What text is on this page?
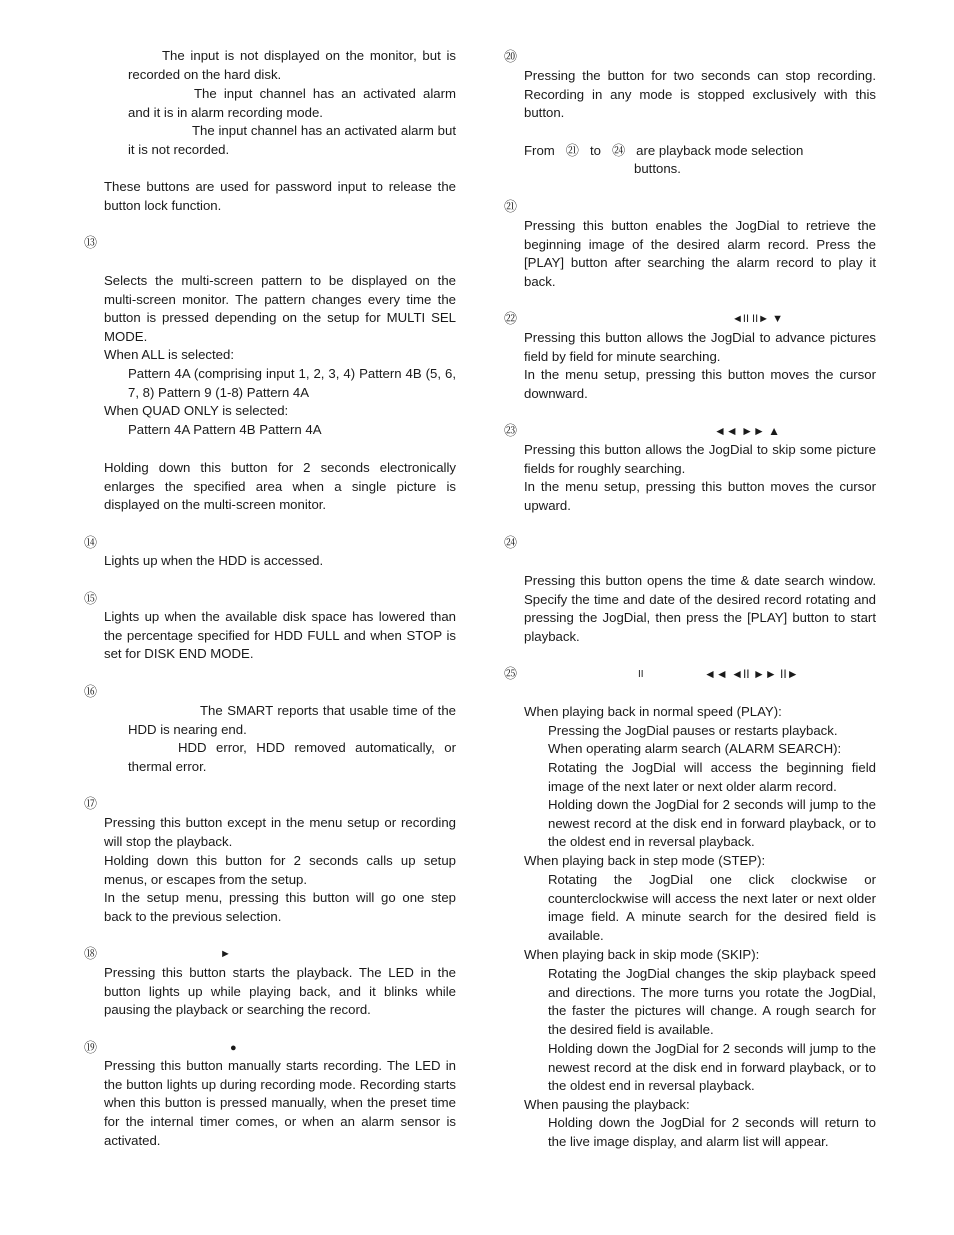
The input is not displayed on the monitor, but is recorded on the hard disk.
The input channel has an activated alarm and it is in alarm recording mode.
The input channel has an activated alarm but it is not recorded.
These buttons are used for password input to release the button lock function.
⑬
Selects the multi-screen pattern to be displayed on the multi-screen monitor. The pattern changes every time the button is pressed depending on the setup for MULTI SEL MODE.
When ALL is selected:
Pattern 4A (comprising input 1, 2, 3, 4) Pattern 4B (5, 6, 7, 8) Pattern 9 (1-8) Pattern 4A
When QUAD ONLY is selected:
Pattern 4A Pattern 4B Pattern 4A
Holding down this button for 2 seconds electronically enlarges the specified area when a single picture is displayed on the multi-screen monitor.
⑭
Lights up when the HDD is accessed.
⑮
Lights up when the available disk space has lowered than the percentage specified for HDD FULL and when STOP is set for DISK END MODE.
⑯
The SMART reports that usable time of the HDD is nearing end.
HDD error, HDD removed automatically, or thermal error.
⑰
Pressing this button except in the menu setup or recording will stop the playback.
Holding down this button for 2 seconds calls up setup menus, or escapes from the setup.
In the setup menu, pressing this button will go one step back to the previous selection.
⑱	►
Pressing this button starts the playback. The LED in the button lights up while playing back, and it blinks while pausing the playback or searching the record.
⑲	●
Pressing this button manually starts recording. The LED in the button lights up during recording mode. Recording starts when this button is pressed manually, when the preset time for the internal timer comes, or when an alarm sensor is activated.
⑳
Pressing the button for two seconds can stop recording. Recording in any mode is stopped exclusively with this button.
From ㉑ to ㉔ are playback mode selection
buttons.
㉑
Pressing this button enables the JogDial to retrieve the beginning image of the desired alarm record. Press the [PLAY] button after searching the alarm record to play it back.
㉒	◄II II► ▼
Pressing this button allows the JogDial to advance pictures field by field for minute searching.
In the menu setup, pressing this button moves the cursor downward.
㉓	◄◄ ►► ▲
Pressing this button allows the JogDial to skip some picture fields for roughly searching.
In the menu setup, pressing this button moves the cursor upward.
㉔
Pressing this button opens the time & date search window. Specify the time and date of the desired record rotating and pressing the JogDial, then press the [PLAY] button to start playback.
㉕	II	◄◄ ◄II ►► II►
When playing back in normal speed (PLAY):
Pressing the JogDial pauses or restarts playback.
When operating alarm search (ALARM SEARCH):
Rotating the JogDial will access the beginning field image of the next later or next older alarm record.
Holding down the JogDial for 2 seconds will jump to the newest record at the disk end in forward playback, or to the oldest end in reversal playback.
When playing back in step mode (STEP):
Rotating the JogDial one click clockwise or counterclockwise will access the next later or next older image field. A minute search for the desired field is available.
When playing back in skip mode (SKIP):
Rotating the JogDial changes the skip playback speed and directions. The more turns you rotate the JogDial, the faster the pictures will change. A rough search for the desired field is available.
Holding down the JogDial for 2 seconds will jump to the newest record at the disk end in forward playback, or to the oldest end in reversal playback.
When pausing the playback:
Holding down the JogDial for 2 seconds will return to the live image display, and alarm list will appear.
